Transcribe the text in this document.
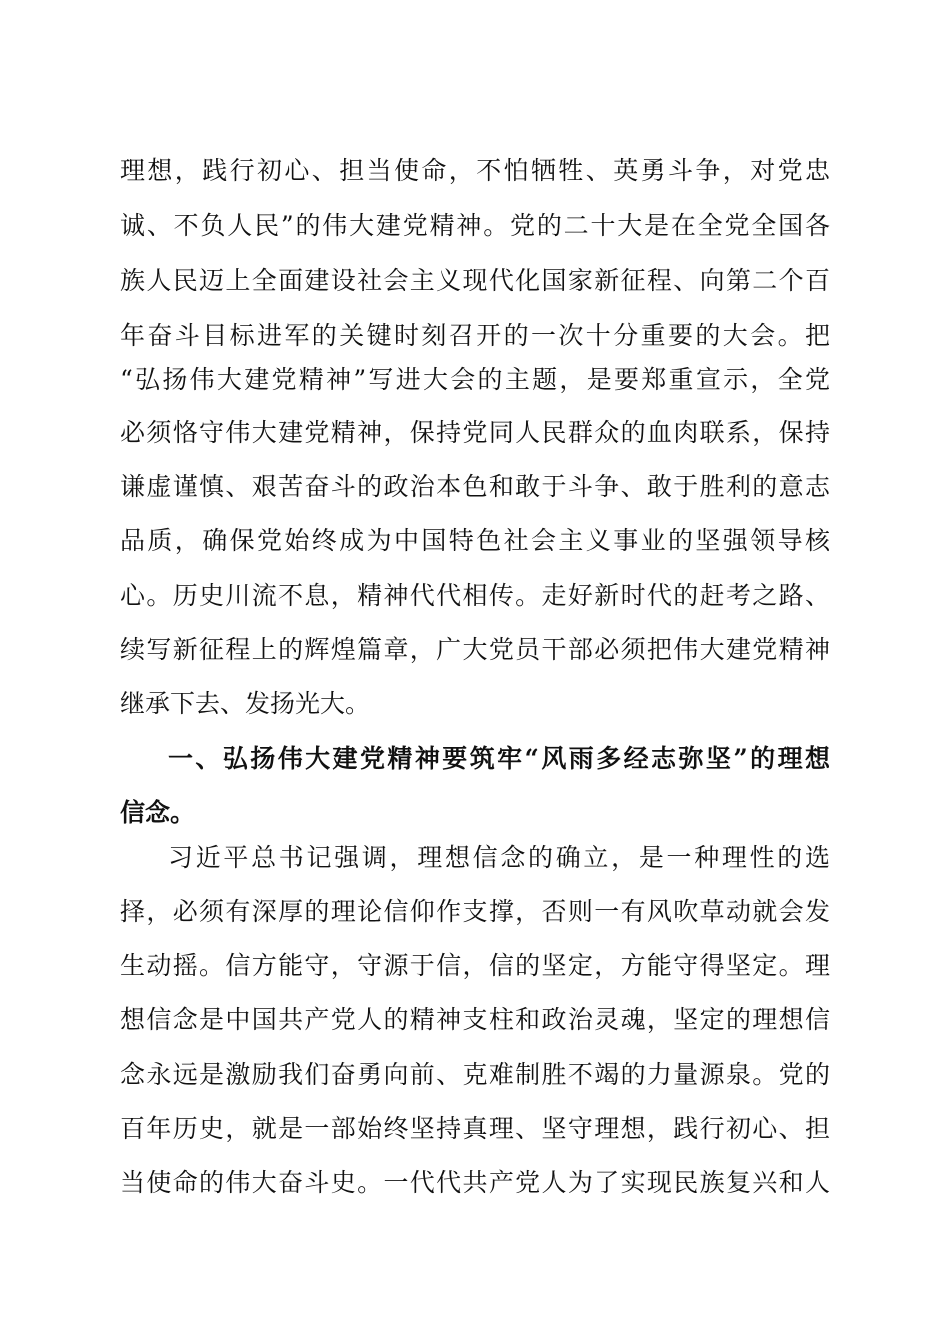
理想，践行初心、担当使命，不怕牺牲、英勇斗争，对党忠
诚、不负人民”的伟大建党精神。党的二十大是在全党全国各
族人民迈上全面建设社会主义现代化国家新征程、向第二个百
年奋斗目标进军的关键时刻召开的一次十分重要的大会。把
“弘扬伟大建党精神”写进大会的主题，是要郑重宣示，全党
必须恪守伟大建党精神，保持党同人民群众的血肉联系，保持
谦虚谨慎、艰苦奋斗的政治本色和敢于斗争、敢于胜利的意志
品质，确保党始终成为中国特色社会主义事业的坚强领导核
心。历史川流不息，精神代代相传。走好新时代的赶考之路、
续写新征程上的辉煌篇章，广大党员干部必须把伟大建党精神
继承下去、发扬光大。
一、弘扬伟大建党精神要筑牢“风雨多经志弥坚”的理想
信念。
习近平总书记强调，理想信念的确立，是一种理性的选
择，必须有深厚的理论信仰作支撑，否则一有风吹草动就会发
生动摇。信方能守，守源于信，信的坚定，方能守得坚定。理
想信念是中国共产党人的精神支柱和政治灵魂，坚定的理想信
念永远是激励我们奋勇向前、克难制胜不竭的力量源泉。党的
百年历史，就是一部始终坚持真理、坚守理想，践行初心、担
当使命的伟大奋斗史。一代代共产党人为了实现民族复兴和人
